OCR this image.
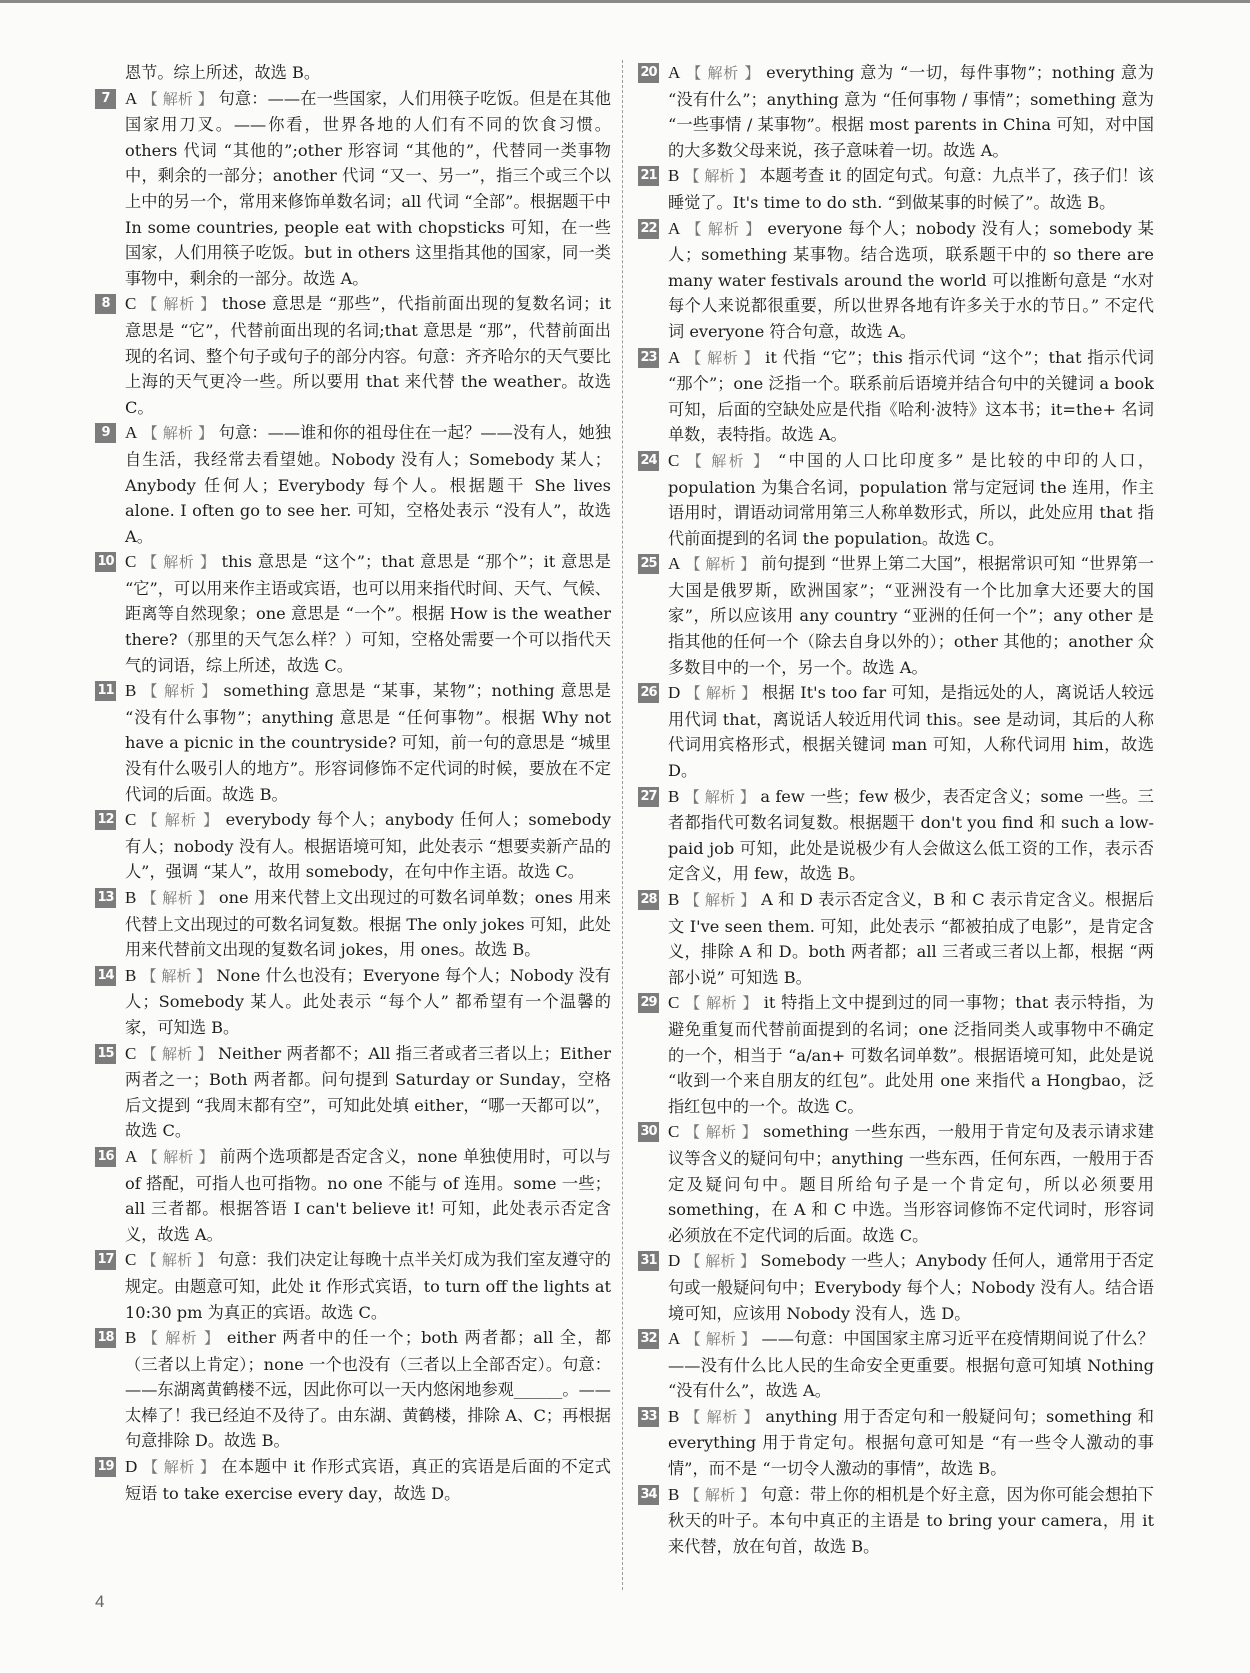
恩节。综上所述，故选 B。
7 A 【 解析 】 句意：——在一些国家，人们用筷子吃饭。但是在其他国家用刀叉。——你看，世界各地的人们有不同的饮食习惯。others 代词 “其他的”;other 形容词 “其他的”，代替同一类事物中，剩余的一部分；another 代词 “又一、另一”，指三个或三个以上中的另一个，常用来修饰单数名词；all 代词 “全部”。根据题干中 In some countries, people eat with chopsticks 可知，在一些国家，人们用筷子吃饭。but in others 这里指其他的国家，同一类事物中，剩余的一部分。故选 A。
8 C 【 解析 】 those 意思是 “那些”，代指前面出现的复数名词；it 意思是 “它”，代替前面出现的名词;that 意思是 “那”，代替前面出现的名词、整个句子或句子的部分内容。句意：齐齐哈尔的天气要比上海的天气更冷一些。所以要用 that 来代替 the weather。故选 C。
9 A 【 解析 】 句意：——谁和你的祖母住在一起？——没有人，她独自生活，我经常去看望她。Nobody 没有人；Somebody 某人；Anybody 任何人；Everybody 每个人。根据题干 She lives alone. I often go to see her. 可知，空格处表示 “没有人”，故选 A。
10 C 【 解析 】 this 意思是 “这个”；that 意思是 “那个”；it 意思是 “它”，可以用来作主语或宾语，也可以用来指代时间、天气、气候、距离等自然现象；one 意思是 “一个”。根据 How is the weather there?（那里的天气怎么样？）可知，空格处需要一个可以指代天气的词语，综上所述，故选 C。
11 B 【 解析 】 something 意思是 “某事，某物”；nothing 意思是 “没有什么事物”；anything 意思是 “任何事物”。根据 Why not have a picnic in the countryside? 可知，前一句的意思是 “城里没有什么吸引人的地方”。形容词修饰不定代词的时候，要放在不定代词的后面。故选 B。
12 C 【 解析 】 everybody 每个人；anybody 任何人；somebody 有人；nobody 没有人。根据语境可知，此处表示 “想要卖新产品的人”，强调 “某人”，故用 somebody，在句中作主语。故选 C。
13 B 【 解析 】 one 用来代替上文出现过的可数名词单数；ones 用来代替上文出现过的可数名词复数。根据 The only jokes 可知，此处用来代替前文出现的复数名词 jokes，用 ones。故选 B。
14 B 【 解析 】 None 什么也没有；Everyone 每个人；Nobody 没有人；Somebody 某人。此处表示 “每个人” 都希望有一个温馨的家，可知选 B。
15 C 【 解析 】 Neither 两者都不；All 指三者或者三者以上；Either 两者之一；Both 两者都。问句提到 Saturday or Sunday，空格后文提到 “我周末都有空”，可知此处填 either，“哪一天都可以”，故选 C。
16 A 【 解析 】 前两个选项都是否定含义，none 单独使用时，可以与 of 搭配，可指人也可指物。no one 不能与 of 连用。some 一些；all 三者都。根据答语 I can't believe it! 可知，此处表示否定含义，故选 A。
17 C 【 解析 】 句意：我们决定让每晚十点半关灯成为我们室友遵守的规定。由题意可知，此处 it 作形式宾语，to turn off the lights at 10:30 pm 为真正的宾语。故选 C。
18 B 【 解析 】 either 两者中的任一个；both 两者都；all 全，都（三者以上肯定）；none 一个也没有（三者以上全部否定）。句意：——东湖离黄鹤楼不远，因此你可以一天内悠闲地参观______。——太棒了！我已经迫不及待了。由东湖、黄鹤楼，排除 A、C；再根据句意排除 D。故选 B。
19 D 【 解析 】 在本题中 it 作形式宾语，真正的宾语是后面的不定式短语 to take exercise every day，故选 D。
20 A 【 解析 】 everything 意为 “一切，每件事物”；nothing 意为 “没有什么”；anything 意为 “任何事物 / 事情”；something 意为 “一些事情 / 某事物”。根据 most parents in China 可知，对中国的大多数父母来说，孩子意味着一切。故选 A。
21 B 【 解析 】 本题考查 it 的固定句式。句意：九点半了，孩子们！该睡觉了。It's time to do sth. “到做某事的时候了”。故选 B。
22 A 【 解析 】 everyone 每个人；nobody 没有人；somebody 某人；something 某事物。结合选项，联系题干中的 so there are many water festivals around the world 可以推断句意是 “水对每个人来说都很重要，所以世界各地有许多关于水的节日。” 不定代词 everyone 符合句意，故选 A。
23 A 【 解析 】 it 代指 “它”；this 指示代词 “这个”；that 指示代词 “那个”；one 泛指一个。联系前后语境并结合句中的关键词 a book 可知，后面的空缺处应是代指《哈利·波特》这本书；it=the+ 名词单数，表特指。故选 A。
24 C 【 解析 】 “中国的人口比印度多” 是比较的中印的人口，population 为集合名词，population 常与定冠词 the 连用，作主语用时，谓语动词常用第三人称单数形式，所以，此处应用 that 指代前面提到的名词 the population。故选 C。
25 A 【 解析 】 前句提到 “世界上第二大国”，根据常识可知 “世界第一大国是俄罗斯，欧洲国家”；“亚洲没有一个比加拿大还要大的国家”，所以应该用 any country “亚洲的任何一个”；any other 是指其他的任何一个（除去自身以外的）；other 其他的；another 众多数目中的一个，另一个。故选 A。
26 D 【 解析 】 根据 It's too far 可知，是指远处的人，离说话人较远用代词 that，离说话人较近用代词 this。see 是动词，其后的人称代词用宾格形式，根据关键词 man 可知，人称代词用 him，故选 D。
27 B 【 解析 】 a few 一些；few 极少，表否定含义；some 一些。三者都指代可数名词复数。根据题干 don't you find 和 such a low-paid job 可知，此处是说极少有人会做这么低工资的工作，表示否定含义，用 few，故选 B。
28 B 【 解析 】 A 和 D 表示否定含义，B 和 C 表示肯定含义。根据后文 I've seen them. 可知，此处表示 “都被拍成了电影”，是肯定含义，排除 A 和 D。both 两者都；all 三者或三者以上都，根据 “两部小说” 可知选 B。
29 C 【 解析 】 it 特指上文中提到过的同一事物；that 表示特指，为避免重复而代替前面提到的名词；one 泛指同类人或事物中不确定的一个，相当于 “a/an+ 可数名词单数”。根据语境可知，此处是说 “收到一个来自朋友的红包”。此处用 one 来指代 a Hongbao，泛指红包中的一个。故选 C。
30 C 【 解析 】 something 一些东西，一般用于肯定句及表示请求建议等含义的疑问句中；anything 一些东西，任何东西，一般用于否定及疑问句中。题目所给句子是一个肯定句，所以必须要用 something，在 A 和 C 中选。当形容词修饰不定代词时，形容词必须放在不定代词的后面。故选 C。
31 D 【 解析 】 Somebody 一些人；Anybody 任何人，通常用于否定句或一般疑问句中；Everybody 每个人；Nobody 没有人。结合语境可知，应该用 Nobody 没有人，选 D。
32 A 【 解析 】 ——句意：中国国家主席习近平在疫情期间说了什么？——没有什么比人民的生命安全更重要。根据句意可知填 Nothing “没有什么”，故选 A。
33 B 【 解析 】 anything 用于否定句和一般疑问句；something 和 everything 用于肯定句。根据句意可知是 “有一些令人激动的事情”，而不是 “一切令人激动的事情”，故选 B。
34 B 【 解析 】 句意：带上你的相机是个好主意，因为你可能会想拍下秋天的叶子。本句中真正的主语是 to bring your camera，用 it 来代替，放在句首，故选 B。
4
